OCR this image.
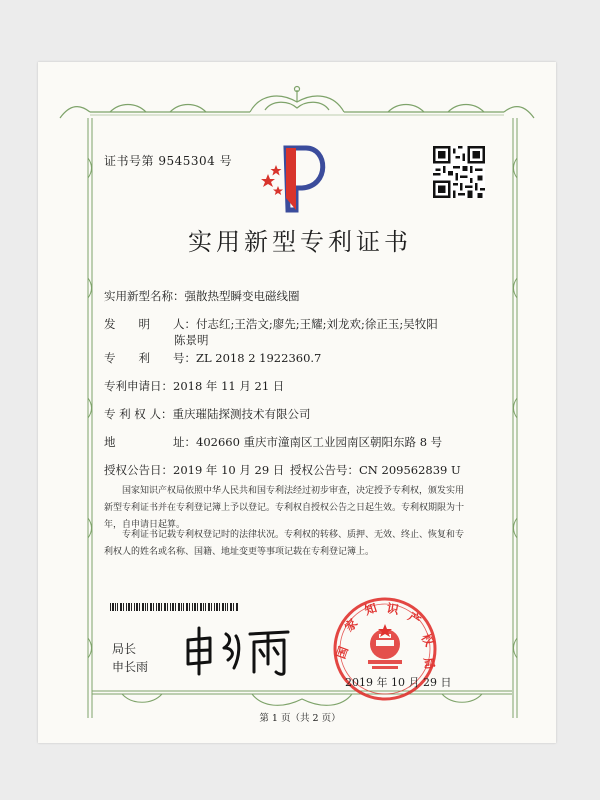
证书号第 9545304 号
实用新型专利证书
实用新型名称：强散热型瞬变电磁线圈
发　　明　　人：付志红;王浩文;廖先;王耀;刘龙欢;徐正玉;吴牧阳
陈景明
专　　利　　号：ZL 2018 2 1922360.7
专利申请日：2018 年 11 月 21 日
专 利 权 人：重庆璀陆探测技术有限公司
地　　　　　址：402660 重庆市潼南区工业园南区朝阳东路 8 号
授权公告日：2019 年 10 月 29 日 授权公告号：CN 209562839 U
国家知识产权局依照中华人民共和国专利法经过初步审查，决定授予专利权，颁发实用
新型专利证书并在专利登记簿上予以登记。专利权自授权公告之日起生效。专利权期限为十
年，自申请日起算。
专利证书记载专利权登记时的法律状况。专利权的转移、质押、无效、终止、恢复和专
利权人的姓名或名称、国籍、地址变更等事项记载在专利登记簿上。
局长
申长雨
国
家
知 识
产
权
局
2019 年 10 月 29 日
第 1 页（共 2 页）
